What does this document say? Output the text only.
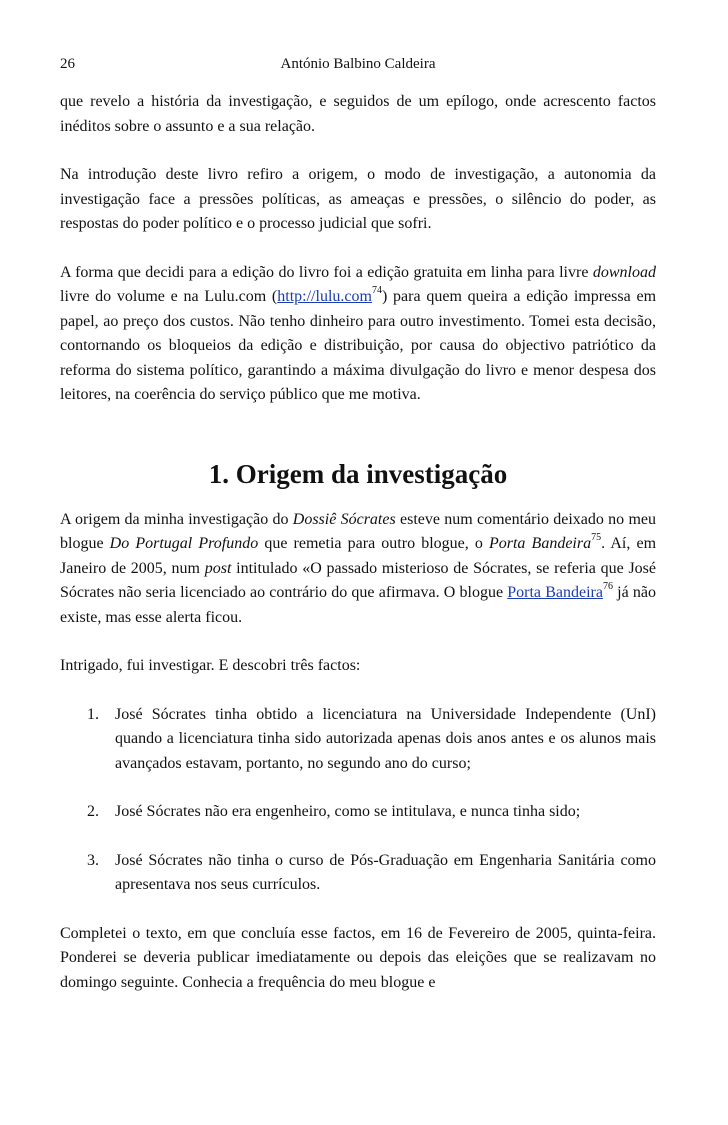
26	António Balbino Caldeira

que revelo a história da investigação, e seguidos de um epílogo, onde acrescento factos inéditos sobre o assunto e a sua relação.

Na introdução deste livro refiro a origem, o modo de investigação, a autonomia da investigação face a pressões políticas, as ameaças e pressões, o silêncio do poder, as respostas do poder político e o processo judicial que sofri.

A forma que decidi para a edição do livro foi a edição gratuita em linha para livre download livre do volume e na Lulu.com (http://lulu.com$^{74}$) para quem queira a edição impressa em papel, ao preço dos custos. Não tenho dinheiro para outro investimento. Tomei esta decisão, contornando os bloqueios da edição e distribuição, por causa do objectivo patriótico da reforma do sistema político, garantindo a máxima divulgação do livro e menor despesa dos leitores, na coerência do serviço público que me motiva.

1. Origem da investigação

A origem da minha investigação do Dossiê Sócrates esteve num comentário deixado no meu blogue Do Portugal Profundo que remetia para outro blogue, o Porta Bandeira$^{75}$. Aí, em Janeiro de 2005, num post intitulado «O passado misterioso de Sócrates, se referia que José Sócrates não seria licenciado ao contrário do que afirmava. O blogue Porta Bandeira$^{76}$ já não existe, mas esse alerta ficou.

Intrigado, fui investigar. E descobri três factos:

1. José Sócrates tinha obtido a licenciatura na Universidade Independente (UnI) quando a licenciatura tinha sido autorizada apenas dois anos antes e os alunos mais avançados estavam, portanto, no segundo ano do curso;

2. José Sócrates não era engenheiro, como se intitulava, e nunca tinha sido;

3. José Sócrates não tinha o curso de Pós-Graduação em Engenharia Sanitária como apresentava nos seus currículos.

Completei o texto, em que concluía esse factos, em 16 de Fevereiro de 2005, quinta-feira. Ponderei se deveria publicar imediatamente ou depois das eleições que se realizavam no domingo seguinte. Conhecia a frequência do meu blogue e
